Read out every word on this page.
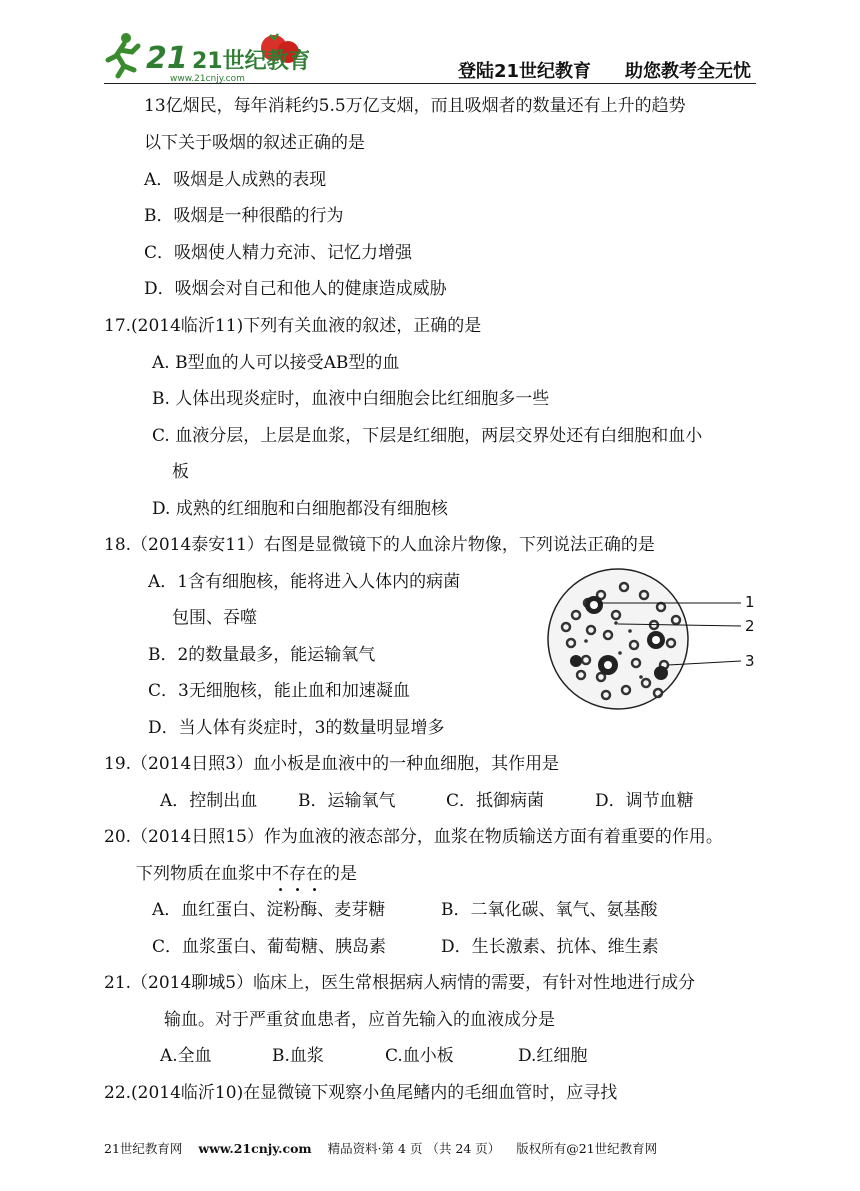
21 21世纪教育
www.21cnjy.com	登陆21世纪教育 助您教考全无忧
13亿烟民，每年消耗约5.5万亿支烟，而且吸烟者的数量还有上升的趋势
以下关于吸烟的叙述正确的是
A．吸烟是人成熟的表现
B．吸烟是一种很酷的行为
C．吸烟使人精力充沛、记忆力增强
D．吸烟会对自己和他人的健康造成威胁
17.(2014临沂11)下列有关血液的叙述，正确的是
A. B型血的人可以接受AB型的血
B. 人体出现炎症时，血液中白细胞会比红细胞多一些
C. 血液分层，上层是血浆，下层是红细胞，两层交界处还有白细胞和血小
板
D. 成熟的红细胞和白细胞都没有细胞核
18.（2014泰安11）右图是显微镜下的人血涂片物像，下列说法正确的是
A．1含有细胞核，能将进入人体内的病菌
包围、吞噬
B．2的数量最多，能运输氧气
C．3无细胞核，能止血和加速凝血
D．当人体有炎症时，3的数量明显增多
1
2
3
19.（2014日照3）血小板是血液中的一种血细胞，其作用是
A．控制出血 B．运输氧气	C．抵御病菌	D．调节血糖
20.（2014日照15）作为血液的液态部分，血浆在物质输送方面有着重要的作用。
下列物质在血浆中不存在的是
A．血红蛋白、淀粉酶、麦芽糖	B．二氧化碳、氧气、氨基酸
C．血浆蛋白、葡萄糖、胰岛素	D．生长激素、抗体、维生素
21.（2014聊城5）临床上，医生常根据病人病情的需要，有针对性地进行成分
输血。对于严重贫血患者，应首先输入的血液成分是
A.全血	B.血浆	C.血小板	D.红细胞
22.(2014临沂10)在显微镜下观察小鱼尾鳍内的毛细血管时，应寻找
21世纪教育网 www.21cnjy.com 精品资料·第 4 页 （共 24 页） 版权所有@21世纪教育网
